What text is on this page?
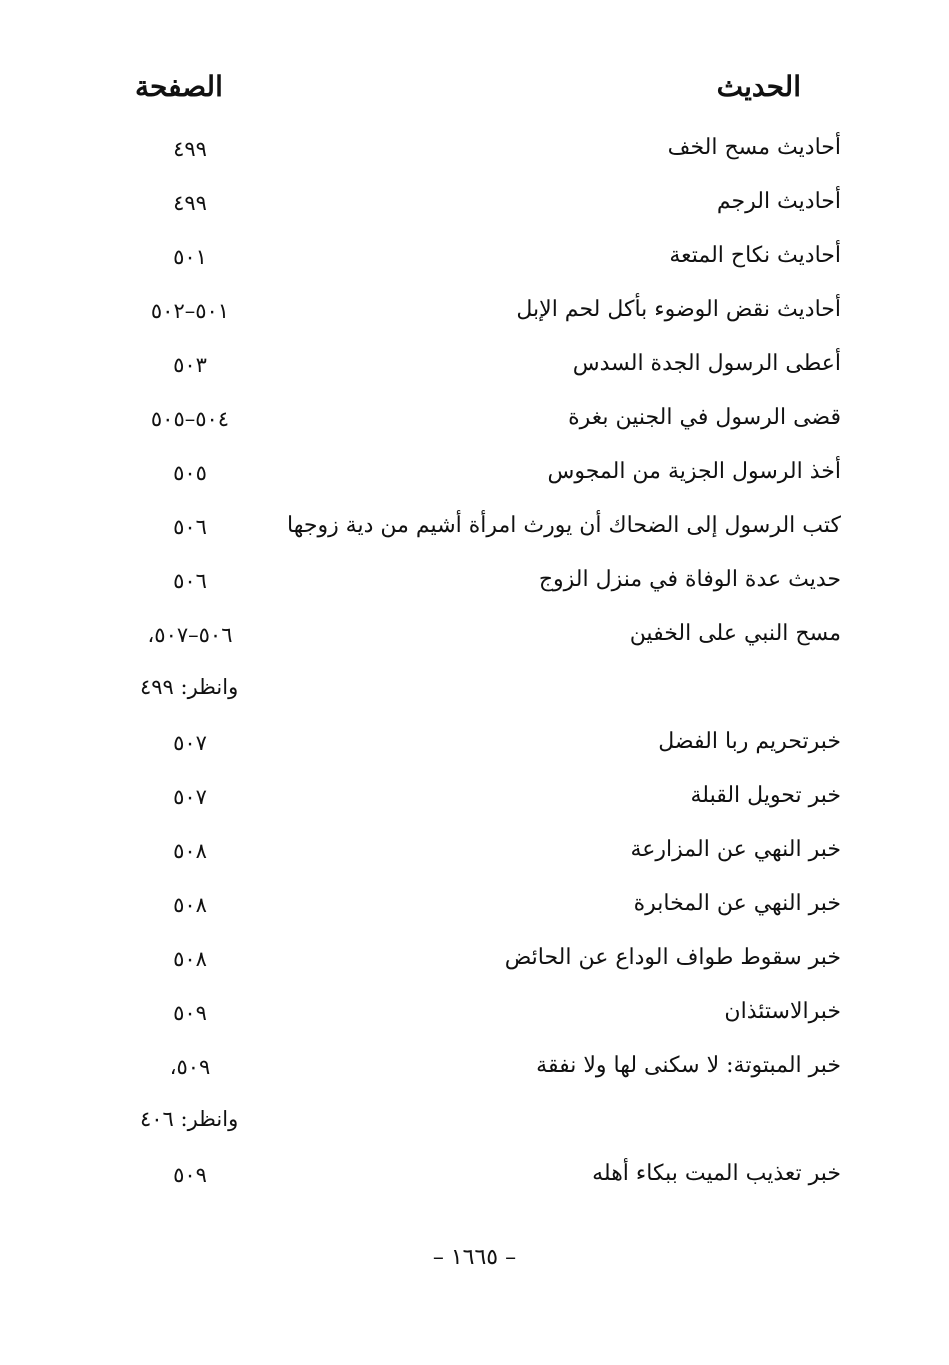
الحديث
الصفحة
أحاديث مسح الخف
٤٩٩
أحاديث الرجم
٤٩٩
أحاديث نكاح المتعة
٥٠١
أحاديث نقض الوضوء بأكل لحم الإبل
٥٠١–٥٠٢
أعطى الرسول الجدة السدس
٥٠٣
قضى الرسول في الجنين بغرة
٥٠٤–٥٠٥
أخذ الرسول الجزية من المجوس
٥٠٥
كتب الرسول إلى الضحاك أن يورث امرأة أشيم من دية زوجها
٥٠٦
حديث عدة الوفاة في منزل الزوج
٥٠٦
مسح النبي على الخفين
٥٠٦–٥٠٧،
وانظر: ٤٩٩
خبرتحريم ربا الفضل
٥٠٧
خبر تحويل القبلة
٥٠٧
خبر النهي عن المزارعة
٥٠٨
خبر النهي عن المخابرة
٥٠٨
خبر سقوط طواف الوداع عن الحائض
٥٠٨
خبرالاستئذان
٥٠٩
خبر المبتوتة: لا سكنى لها ولا نفقة
٥٠٩،
وانظر: ٤٠٦
خبر تعذيب الميت ببكاء أهله
٥٠٩
– ١٦٦٥ –
